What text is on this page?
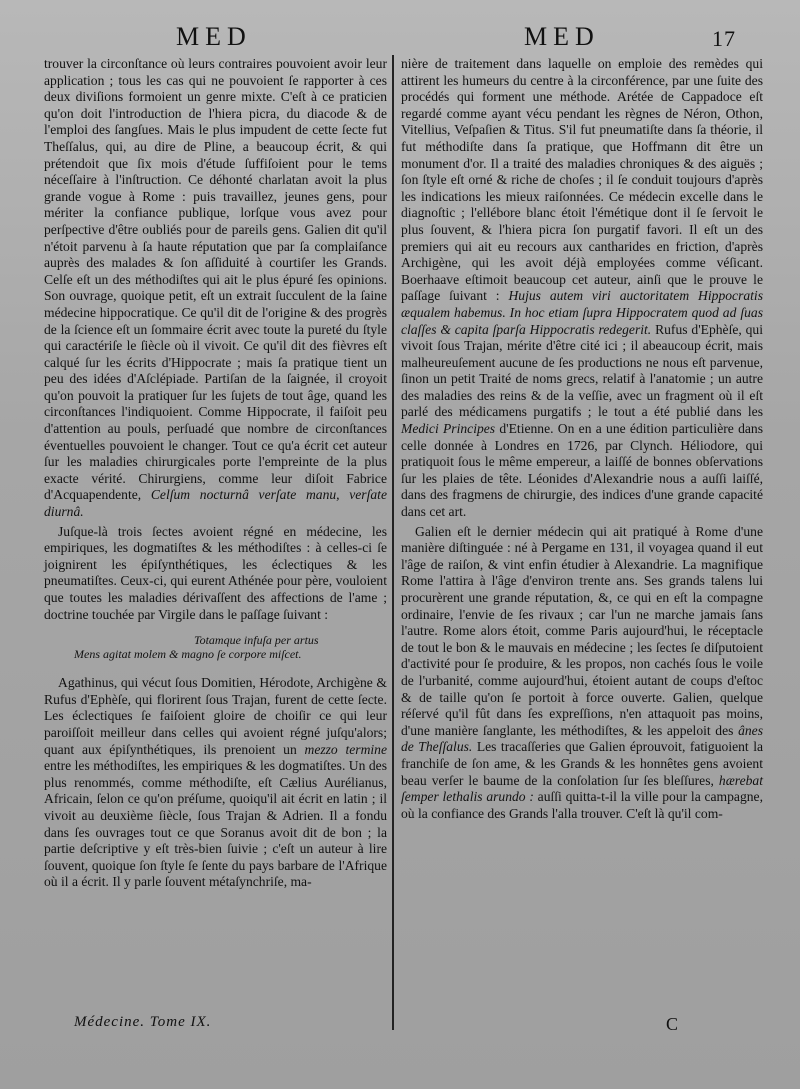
MED	MED	17

trouver la circonſtance où leurs contraires pouvoient avoir leur application ; tous les cas qui ne pouvoient ſe rapporter à ces deux diviſions formoient un genre mixte. C'eſt à ce praticien qu'on doit l'introduction de l'hiera picra, du diacode & de l'emploi des ſangſues. Mais le plus impudent de cette ſecte fut Theſſalus, qui, au dire de Pline, a beaucoup écrit, & qui prétendoit que ſix mois d'étude ſuffiſoient pour le tems néceſſaire à l'inſtruction. Ce déhonté charlatan avoit la plus grande vogue à Rome : puis travaillez, jeunes gens, pour mériter la confiance publique, lorſque vous avez pour perſpective d'être oubliés pour de pareils gens. Galien dit qu'il n'étoit parvenu à ſa haute réputation que par ſa complaiſance auprès des malades & ſon aſſiduité à courtiſer les Grands. Celſe eſt un des méthodiſtes qui ait le plus épuré ſes opinions. Son ouvrage, quoique petit, eſt un extrait ſucculent de la ſaine médecine hippocratique. Ce qu'il dit de l'origine & des progrès de la ſcience eſt un ſommaire écrit avec toute la pureté du ſtyle qui caractériſe le ſiècle où il vivoit. Ce qu'il dit des fièvres eſt calqué ſur les écrits d'Hippocrate ; mais ſa pratique tient un peu des idées d'Aſclépiade. Partiſan de la ſaignée, il croyoit qu'on pouvoit la pratiquer ſur les ſujets de tout âge, quand les circonſtances l'indiquoient. Comme Hippocrate, il faiſoit peu d'attention au pouls, perſuadé que nombre de circonſtances éventuelles pouvoient le changer. Tout ce qu'a écrit cet auteur ſur les maladies chirurgicales porte l'empreinte de la plus exacte vérité. Chirurgiens, comme leur diſoit Fabrice d'Acquapendente, Celſum nocturnâ verſate manu, verſate diurnâ.

Juſque-là trois ſectes avoient régné en médecine, les empiriques, les dogmatiſtes & les méthodiſtes : à celles-ci ſe joignirent les épiſynthétiques, les éclectiques & les pneumatiſtes. Ceux-ci, qui eurent Athénée pour père, vouloient que toutes les maladies dérivaſſent des affections de l'ame ; doctrine touchée par Virgile dans le paſſage ſuivant :

Totamque infuſa per artus
Mens agitat molem & magno ſe corpore miſcet.

Agathinus, qui vécut ſous Domitien, Hérodote, Archigène & Rufus d'Ephèſe, qui florirent ſous Trajan, furent de cette ſecte. Les éclectiques ſe faiſoient gloire de choiſir ce qui leur paroiſſoit meilleur dans celles qui avoient régné juſqu'alors; quant aux épiſynthétiques, ils prenoient un mezzo termine entre les méthodiſtes, les empiriques & les dogmatiſtes. Un des plus renommés, comme méthodiſte, eſt Cælius Aurélianus, Africain, ſelon ce qu'on préſume, quoiqu'il ait écrit en latin ; il vivoit au deuxième ſiècle, ſous Trajan & Adrien. Il a fondu dans ſes ouvrages tout ce que Soranus avoit dit de bon ; la partie deſcriptive y eſt très-bien ſuivie ; c'eſt un auteur à lire ſouvent, quoique ſon ſtyle ſe ſente du pays barbare de l'Afrique où il a écrit. Il y parle ſouvent métaſynchriſe, ma-

nière de traitement dans laquelle on emploie des remèdes qui attirent les humeurs du centre à la circonférence, par une ſuite des procédés qui forment une méthode. Arétée de Cappadoce eſt regardé comme ayant vécu pendant les règnes de Néron, Othon, Vitellius, Veſpaſien & Titus. S'il fut pneumatiſte dans ſa théorie, il fut méthodiſte dans ſa pratique, que Hoffmann dit être un monument d'or. Il a traité des maladies chroniques & des aiguës ; ſon ſtyle eſt orné & riche de choſes ; il ſe conduit toujours d'après les indications les mieux raiſonnées. Ce médecin excelle dans le diagnoſtic ; l'ellébore blanc étoit l'émétique dont il ſe ſervoit le plus ſouvent, & l'hiera picra ſon purgatif favori. Il eſt un des premiers qui ait eu recours aux cantharides en friction, d'après Archigène, qui les avoit déjà employées comme véſicant. Boerhaave eſtimoit beaucoup cet auteur, ainſi que le prouve le paſſage ſuivant : Hujus autem viri auctoritatem Hippocratis æqualem habemus. In hoc etiam ſupra Hippocratem quod ad ſuas claſſes & capita ſparſa Hippocratis redegerit. Rufus d'Ephèſe, qui vivoit ſous Trajan, mérite d'être cité ici ; il abeaucoup écrit, mais malheureuſement aucune de ſes productions ne nous eſt parvenue, ſinon un petit Traité de noms grecs, relatif à l'anatomie ; un autre des maladies des reins & de la veſſie, avec un fragment où il eſt parlé des médicamens purgatifs ; le tout a été publié dans les Medici Principes d'Etienne. On en a une édition particulière dans celle donnée à Londres en 1726, par Clynch. Héliodore, qui pratiquoit ſous le même empereur, a laiſſé de bonnes obſervations ſur les plaies de tête. Léonides d'Alexandrie nous a auſſi laiſſé, dans des fragmens de chirurgie, des indices d'une grande capacité dans cet art.

Galien eſt le dernier médecin qui ait pratiqué à Rome d'une manière diſtinguée : né à Pergame en 131, il voyagea quand il eut l'âge de raiſon, & vint enfin étudier à Alexandrie. La magnifique Rome l'attira à l'âge d'environ trente ans. Ses grands talens lui procurèrent une grande réputation, &, ce qui en eſt la compagne ordinaire, l'envie de ſes rivaux ; car l'un ne marche jamais ſans l'autre. Rome alors étoit, comme Paris aujourd'hui, le réceptacle de tout le bon & le mauvais en médecine ; les ſectes ſe diſputoient d'activité pour ſe produire, & les propos, non cachés ſous le voile de l'urbanité, comme aujourd'hui, étoient autant de coups d'eſtoc & de taille qu'on ſe portoit à force ouverte. Galien, quelque réſervé qu'il fût dans ſes expreſſions, n'en attaquoit pas moins, d'une manière ſanglante, les méthodiſtes, & les appeloit des ânes de Theſſalus. Les tracaſſeries que Galien éprouvoit, fatiguoient la franchiſe de ſon ame, & les Grands & les honnêtes gens avoient beau verſer le baume de la conſolation ſur ſes bleſſures, hærebat ſemper lethalis arundo : auſſi quitta-t-il la ville pour la campagne, où la confiance des Grands l'alla trouver. C'eſt là qu'il com-

Médecine. Tome IX.	C
